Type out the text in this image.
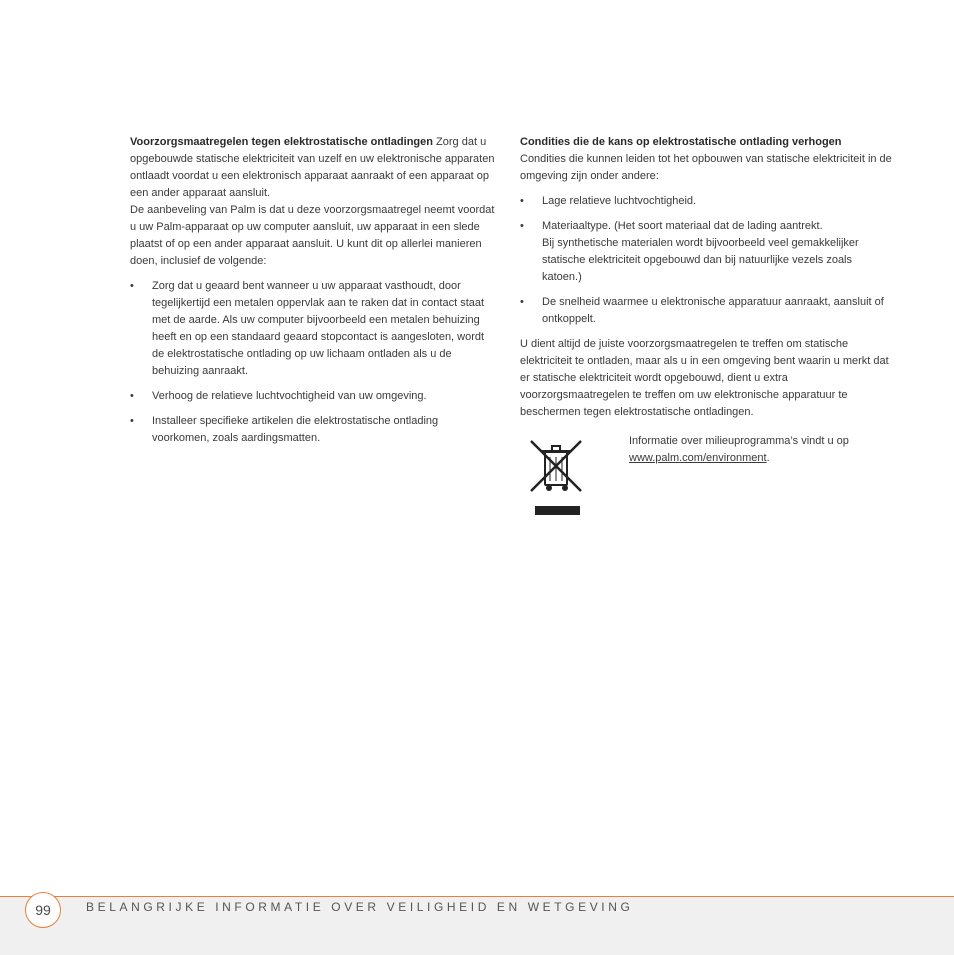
Voorzorgsmaatregelen tegen elektrostatische ontladingen Zorg dat u opgebouwde statische elektriciteit van uzelf en uw elektronische apparaten ontlaadt voordat u een elektronisch apparaat aanraakt of een apparaat op een ander apparaat aansluit.

De aanbeveling van Palm is dat u deze voorzorgsmaatregel neemt voordat u uw Palm-apparaat op uw computer aansluit, uw apparaat in een slede plaatst of op een ander apparaat aansluit. U kunt dit op allerlei manieren doen, inclusief de volgende:

• Zorg dat u geaard bent wanneer u uw apparaat vasthoudt, door tegelijkertijd een metalen oppervlak aan te raken dat in contact staat met de aarde. Als uw computer bijvoorbeeld een metalen behuizing heeft en op een standaard geaard stopcontact is aangesloten, wordt de elektrostatische ontlading op uw lichaam ontladen als u de behuizing aanraakt.
• Verhoog de relatieve luchtvochtigheid van uw omgeving.
• Installeer specifieke artikelen die elektrostatische ontlading voorkomen, zoals aardingsmatten.

Condities die de kans op elektrostatische ontlading verhogen

Condities die kunnen leiden tot het opbouwen van statische elektriciteit in de omgeving zijn onder andere:

• Lage relatieve luchtvochtigheid.
• Materiaaltype. (Het soort materiaal dat de lading aantrekt.
Bij synthetische materialen wordt bijvoorbeeld veel gemakkelijker statische elektriciteit opgebouwd dan bij natuurlijke vezels zoals katoen.)
• De snelheid waarmee u elektronische apparatuur aanraakt, aansluit of ontkoppelt.

U dient altijd de juiste voorzorgsmaatregelen te treffen om statische elektriciteit te ontladen, maar als u in een omgeving bent waarin u merkt dat er statische elektriciteit wordt opgebouwd, dient u extra voorzorgsmaatregelen te treffen om uw elektronische apparatuur te beschermen tegen elektrostatische ontladingen.

Informatie over milieuprogramma’s vindt u op
www.palm.com/environment.
99	BELANGRIJKE INFORMATIE OVER VEILIGHEID EN WETGEVING
